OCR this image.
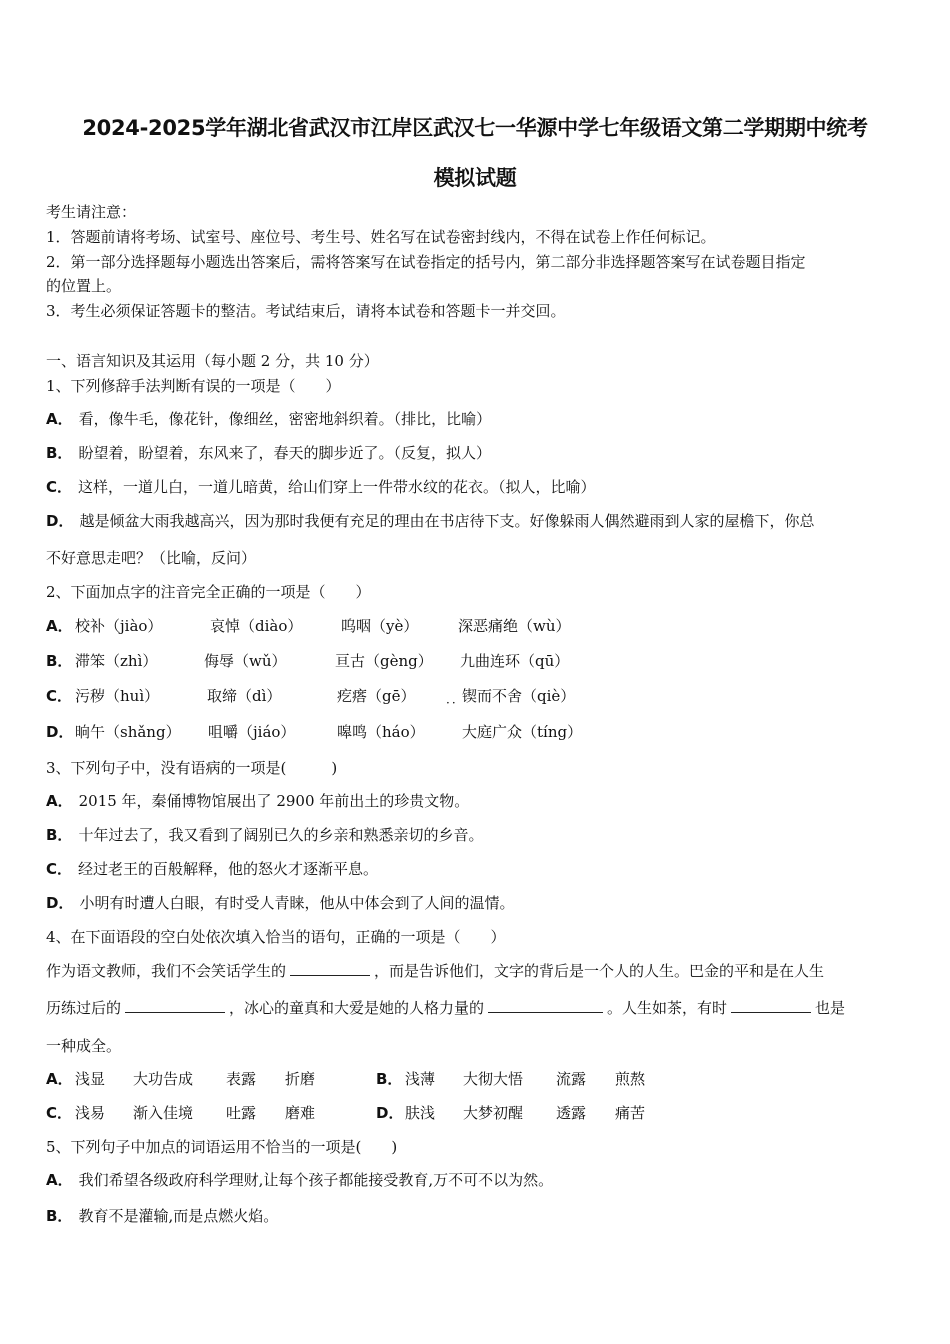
2024-2025学年湖北省武汉市江岸区武汉七一华源中学七年级语文第二学期期中统考
模拟试题
考生请注意：
1．答题前请将考场、试室号、座位号、考生号、姓名写在试卷密封线内，不得在试卷上作任何标记。
2．第一部分选择题每小题选出答案后，需将答案写在试卷指定的括号内，第二部分非选择题答案写在试卷题目指定
的位置上。
3．考生必须保证答题卡的整洁。考试结束后，请将本试卷和答题卡一并交回。
一、语言知识及其运用（每小题 2 分，共 10 分）
1、下列修辞手法判断有误的一项是（　　）
A． 看，像牛毛，像花针，像细丝，密密地斜织着。（排比，比喻）
B． 盼望着，盼望着，东风来了，春天的脚步近了。（反复，拟人）
C． 这样，一道儿白，一道儿暗黄，给山们穿上一件带水纹的花衣。（拟人，比喻）
D． 越是倾盆大雨我越高兴，因为那时我便有充足的理由在书店待下支。好像躲雨人偶然避雨到人家的屋檐下，你总
不好意思走吧？（比喻，反问）
2、下面加点字的注音完全正确的一项是（　　）
A． 校补（jiào）	哀悼（diào）	呜咽（yè）	深恶痛绝（wù）
B． 滞笨（zhì）	侮辱（wǔ）	亘古（gèng） 九曲连环（qū）
C． 污秽（huì）	取缔（dì）	疙瘩（gē）	锲而不舍（qiè）
··
D． 晌午（shǎng） 咀嚼（jiáo）	嗥鸣（háo） 大庭广众（tíng）
3、下列句子中，没有语病的一项是(　　　)
A． 2015 年，秦俑博物馆展出了 2900 年前出土的珍贵文物。
B． 十年过去了，我又看到了阔别已久的乡亲和熟悉亲切的乡音。
C． 经过老王的百般解释，他的怒火才逐渐平息。
D． 小明有时遭人白眼，有时受人青睐，他从中体会到了人间的温情。
4、在下面语段的空白处依次填入恰当的语句，正确的一项是（　　）
作为语文教师，我们不会笑话学生的	，而是告诉他们，文字的背后是一个人的人生。巴金的平和是在人生
历练过后的	，冰心的童真和大爱是她的人格力量的	。人生如茶，有时	也是
一种成全。
A． 浅显 大功告成 表露 折磨	B． 浅薄 大彻大悟 流露 煎熬
C． 浅易 渐入佳境 吐露 磨难	D． 肤浅 大梦初醒 透露 痛苦
5、下列句子中加点的词语运用不恰当的一项是(　　)
A． 我们希望各级政府科学理财,让每个孩子都能接受教育,万不可不以为然。
B． 教育不是灌输,而是点燃火焰。
